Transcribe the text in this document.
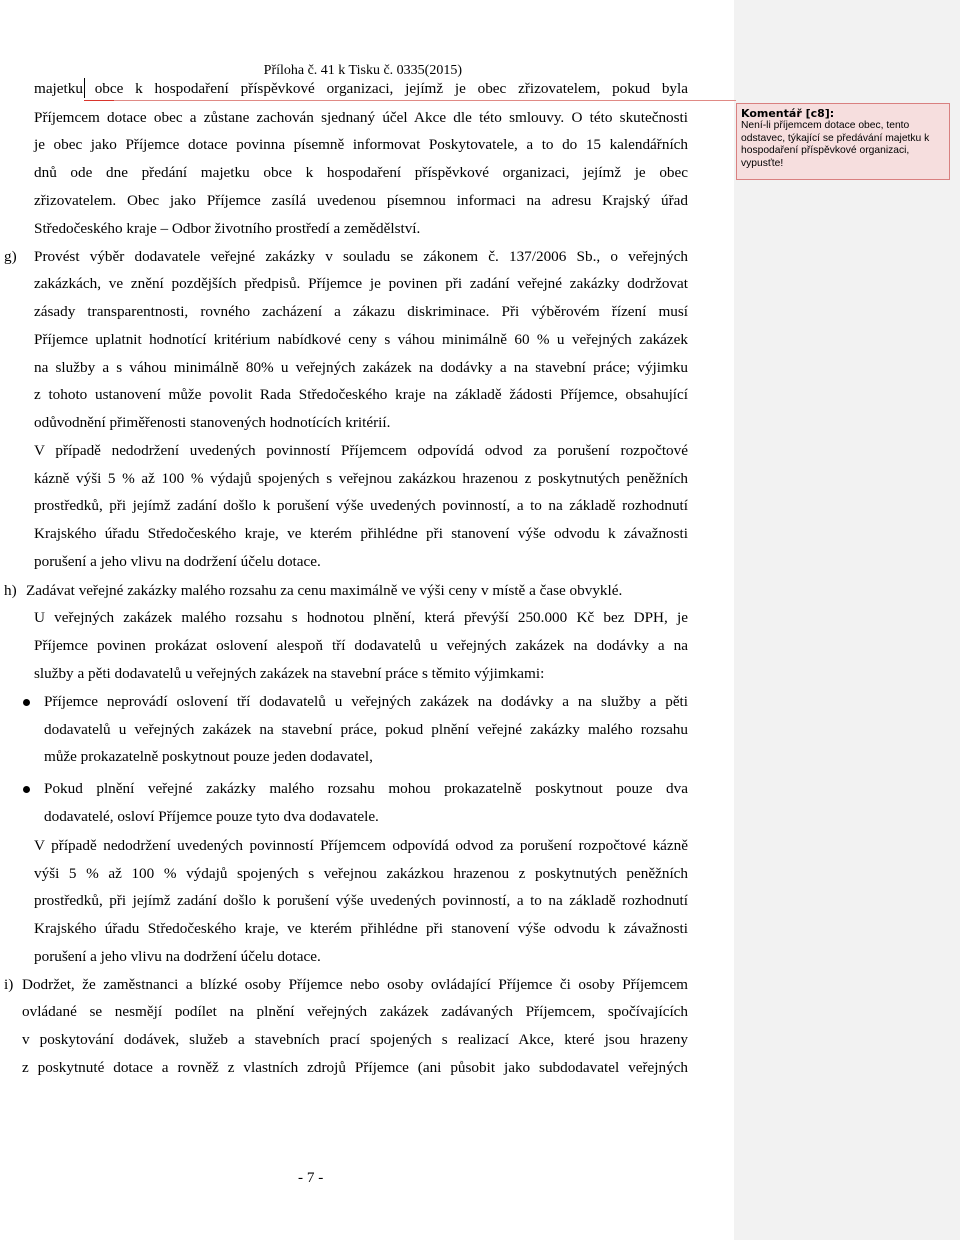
Příloha č. 41 k Tisku č. 0335(2015)
majetku obce k hospodaření příspěvkové organizaci, jejímž je obec zřizovatelem, pokud byla
Příjemcem dotace obec a zůstane zachován sjednaný účel Akce dle této smlouvy. O této skutečnosti
je obec jako Příjemce dotace povinna písemně informovat Poskytovatele, a to do 15 kalendářních
dnů ode dne předání majetku obce k hospodaření příspěvkové organizaci, jejímž je obec
zřizovatelem. Obec jako Příjemce zasílá uvedenou písemnou informaci na adresu Krajský úřad
Středočeského kraje – Odbor životního prostředí a zemědělství.
g) Provést výběr dodavatele veřejné zakázky v souladu se zákonem č. 137/2006 Sb., o veřejných
zakázkách, ve znění pozdějších předpisů. Příjemce je povinen při zadání veřejné zakázky dodržovat
zásady transparentnosti, rovného zacházení a zákazu diskriminace. Při výběrovém řízení musí
Příjemce uplatnit hodnotící kritérium nabídkové ceny s váhou minimálně 60 % u veřejných zakázek
na služby a s váhou minimálně 80% u veřejných zakázek na dodávky a na stavební práce; výjimku
z tohoto ustanovení může povolit Rada Středočeského kraje na základě žádosti Příjemce, obsahující
odůvodnění přiměřenosti stanovených hodnotících kritérií.
V případě nedodržení uvedených povinností Příjemcem odpovídá odvod za porušení rozpočtové
kázně výši 5 % až 100 % výdajů spojených s veřejnou zakázkou hrazenou z poskytnutých peněžních
prostředků, při jejímž zadání došlo k porušení výše uvedených povinností, a to na základě rozhodnutí
Krajského úřadu Středočeského kraje, ve kterém přihlédne při stanovení výše odvodu k závažnosti
porušení a jeho vlivu na dodržení účelu dotace.
h) Zadávat veřejné zakázky malého rozsahu za cenu maximálně ve výši ceny v místě a čase obvyklé.
U veřejných zakázek malého rozsahu s hodnotou plnění, která převýší 250.000 Kč bez DPH, je
Příjemce povinen prokázat oslovení alespoň tří dodavatelů u veřejných zakázek na dodávky a na
služby a pěti dodavatelů u veřejných zakázek na stavební práce s těmito výjimkami:
Příjemce neprovádí oslovení tří dodavatelů u veřejných zakázek na dodávky a na služby a pěti
dodavatelů u veřejných zakázek na stavební práce, pokud plnění veřejné zakázky malého rozsahu
může prokazatelně poskytnout pouze jeden dodavatel,
Pokud plnění veřejné zakázky malého rozsahu mohou prokazatelně poskytnout pouze dva
dodavatelé, osloví Příjemce pouze tyto dva dodavatele.
V případě nedodržení uvedených povinností Příjemcem odpovídá odvod za porušení rozpočtové kázně
výši 5 % až 100 % výdajů spojených s veřejnou zakázkou hrazenou z poskytnutých peněžních
prostředků, při jejímž zadání došlo k porušení výše uvedených povinností, a to na základě rozhodnutí
Krajského úřadu Středočeského kraje, ve kterém přihlédne při stanovení výše odvodu k závažnosti
porušení a jeho vlivu na dodržení účelu dotace.
i) Dodržet, že zaměstnanci a blízké osoby Příjemce nebo osoby ovládající Příjemce či osoby Příjemcem
ovládané se nesmějí podílet na plnění veřejných zakázek zadávaných Příjemcem, spočívajících
v poskytování dodávek, služeb a stavebních prací spojených s realizací Akce, které jsou hrazeny
z poskytnuté dotace a rovněž z vlastních zdrojů Příjemce (ani působit jako subdodavatel veřejných
- 7 -
Komentář [c8]:
Není-li příjemcem dotace obec, tento odstavec, týkající se předávání majetku k hospodaření příspěvkové organizaci, vypusťte!
